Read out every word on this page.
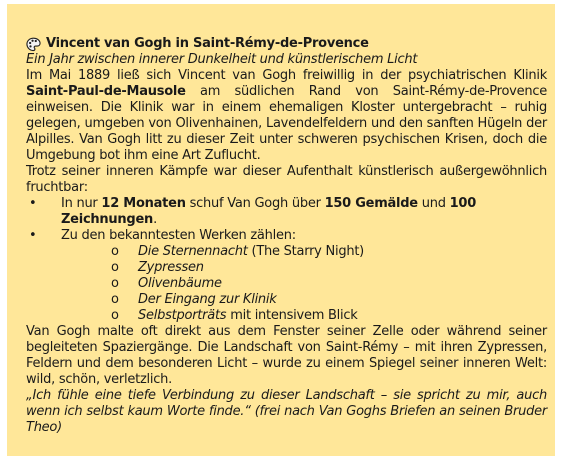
Vincent van Gogh in Saint-Rémy-de-Provence
Ein Jahr zwischen innerer Dunkelheit und künstlerischem Licht

Im Mai 1889 ließ sich Vincent van Gogh freiwillig in der psychiatrischen Klinik Saint-Paul-de-Mausole am südlichen Rand von Saint-Rémy-de-Provence einweisen. Die Klinik war in einem ehemaligen Kloster untergebracht – ruhig gelegen, umgeben von Olivenhainen, Lavendelfeldern und den sanften Hügeln der Alpilles. Van Gogh litt zu dieser Zeit unter schweren psychischen Krisen, doch die Umgebung bot ihm eine Art Zuflucht.

Trotz seiner inneren Kämpfe war dieser Aufenthalt künstlerisch außergewöhnlich fruchtbar:

• In nur 12 Monaten schuf Van Gogh über 150 Gemälde und 100 Zeichnungen.
• Zu den bekanntesten Werken zählen:
o Die Sternennacht (The Starry Night)
o Zypressen
o Olivenbäume
o Der Eingang zur Klinik
o Selbstporträts mit intensivem Blick

Van Gogh malte oft direkt aus dem Fenster seiner Zelle oder während seiner begleiteten Spaziergänge. Die Landschaft von Saint-Rémy – mit ihren Zypressen, Feldern und dem besonderen Licht – wurde zu einem Spiegel seiner inneren Welt: wild, schön, verletzlich.

„Ich fühle eine tiefe Verbindung zu dieser Landschaft – sie spricht zu mir, auch wenn ich selbst kaum Worte finde.“ (frei nach Van Goghs Briefen an seinen Bruder Theo)
